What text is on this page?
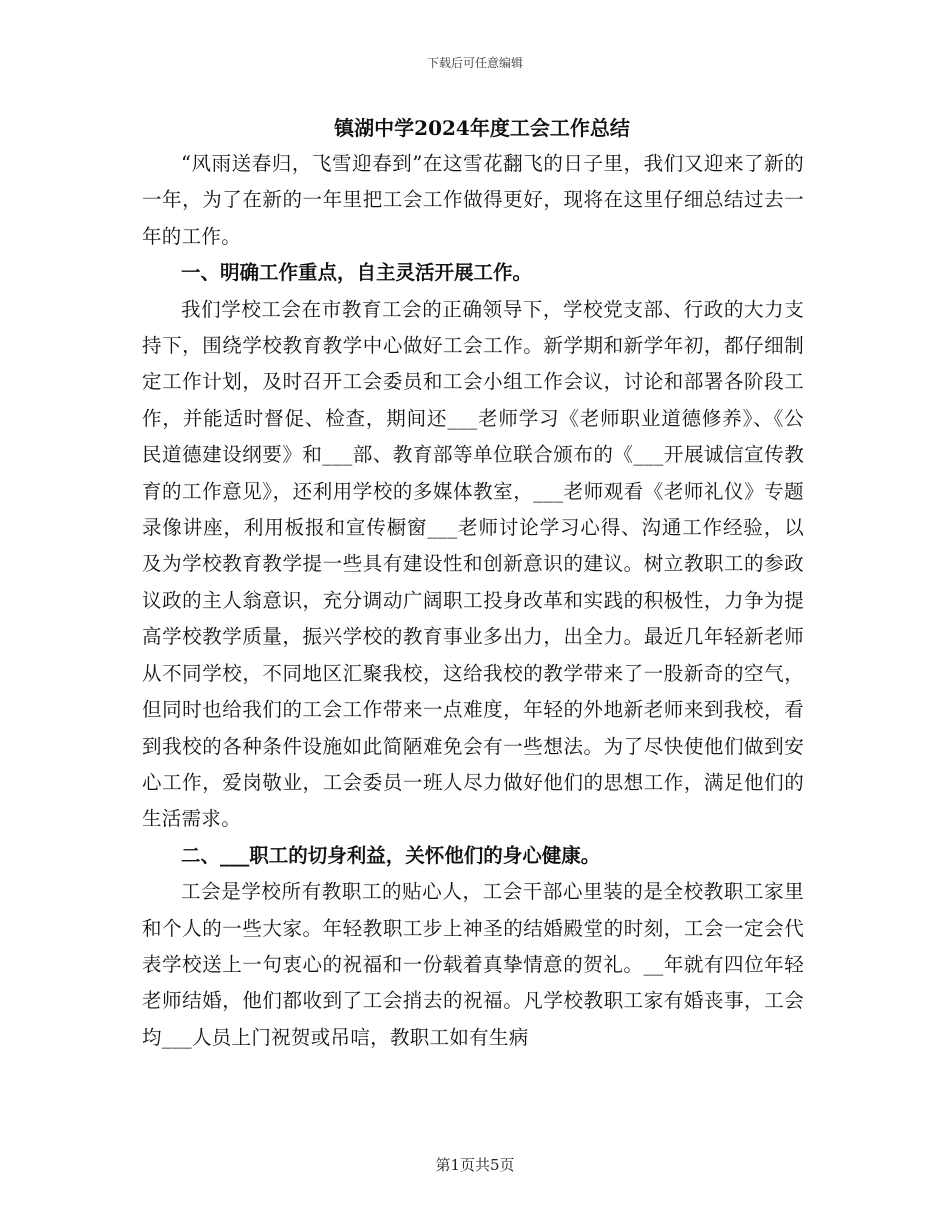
下载后可任意编辑
镇湖中学2024年度工会工作总结

“风雨送春归，飞雪迎春到”在这雪花翻飞的日子里，我们又迎来了新的一年，为了在新的一年里把工会工作做得更好，现将在这里仔细总结过去一年的工作。

一、明确工作重点，自主灵活开展工作。

我们学校工会在市教育工会的正确领导下，学校党支部、行政的大力支持下，围绕学校教育教学中心做好工会工作。新学期和新学年初，都仔细制定工作计划，及时召开工会委员和工会小组工作会议，讨论和部署各阶段工作，并能适时督促、检查，期间还___老师学习《老师职业道德修养》、《公民道德建设纲要》和___部、教育部等单位联合颁布的《___开展诚信宣传教育的工作意见》，还利用学校的多媒体教室，___老师观看《老师礼仪》专题录像讲座，利用板报和宣传橱窗___老师讨论学习心得、沟通工作经验，以及为学校教育教学提一些具有建设性和创新意识的建议。树立教职工的参政议政的主人翁意识，充分调动广阔职工投身改革和实践的积极性，力争为提高学校教学质量，振兴学校的教育事业多出力，出全力。最近几年轻新老师从不同学校，不同地区汇聚我校，这给我校的教学带来了一股新奇的空气，但同时也给我们的工会工作带来一点难度，年轻的外地新老师来到我校，看到我校的各种条件设施如此简陋难免会有一些想法。为了尽快使他们做到安心工作，爱岗敬业，工会委员一班人尽力做好他们的思想工作，满足他们的生活需求。

二、___职工的切身利益，关怀他们的身心健康。

工会是学校所有教职工的贴心人，工会干部心里装的是全校教职工家里和个人的一些大家。年轻教职工步上神圣的结婚殿堂的时刻，工会一定会代表学校送上一句衷心的祝福和一份载着真挚情意的贺礼。__年就有四位年轻老师结婚，他们都收到了工会捎去的祝福。凡学校教职工家有婚丧事，工会均___人员上门祝贺或吊唁，教职工如有生病

第1页共5页
